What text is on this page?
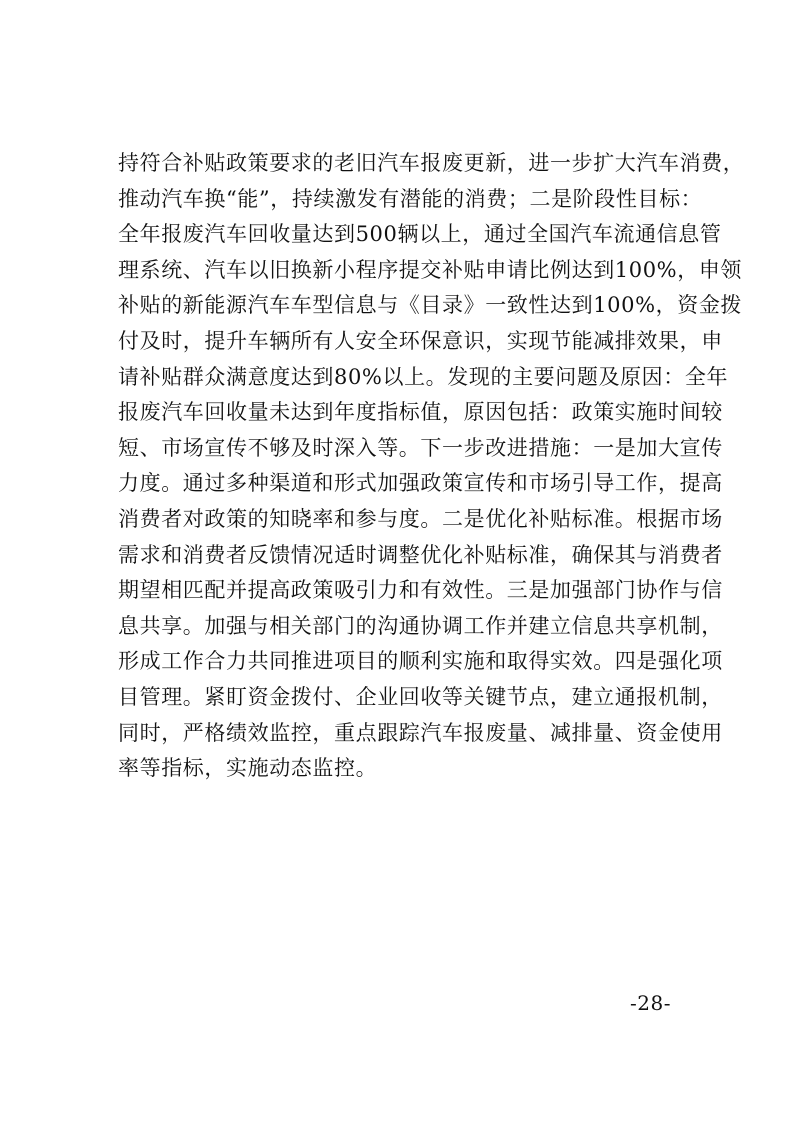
持符合补贴政策要求的老旧汽车报废更新，进一步扩大汽车消费，
推动汽车换“能”，持续激发有潜能的消费；二是阶段性目标：
全年报废汽车回收量达到500辆以上，通过全国汽车流通信息管
理系统、汽车以旧换新小程序提交补贴申请比例达到100%，申领
补贴的新能源汽车车型信息与《目录》一致性达到100%，资金拨
付及时，提升车辆所有人安全环保意识，实现节能减排效果，申
请补贴群众满意度达到80%以上。发现的主要问题及原因：全年
报废汽车回收量未达到年度指标值，原因包括：政策实施时间较
短、市场宣传不够及时深入等。下一步改进措施：一是加大宣传
力度。通过多种渠道和形式加强政策宣传和市场引导工作，提高
消费者对政策的知晓率和参与度。二是优化补贴标准。根据市场
需求和消费者反馈情况适时调整优化补贴标准，确保其与消费者
期望相匹配并提高政策吸引力和有效性。三是加强部门协作与信
息共享。加强与相关部门的沟通协调工作并建立信息共享机制，
形成工作合力共同推进项目的顺利实施和取得实效。四是强化项
目管理。紧盯资金拨付、企业回收等关键节点，建立通报机制，
同时，严格绩效监控，重点跟踪汽车报废量、减排量、资金使用
率等指标，实施动态监控。
-28-
